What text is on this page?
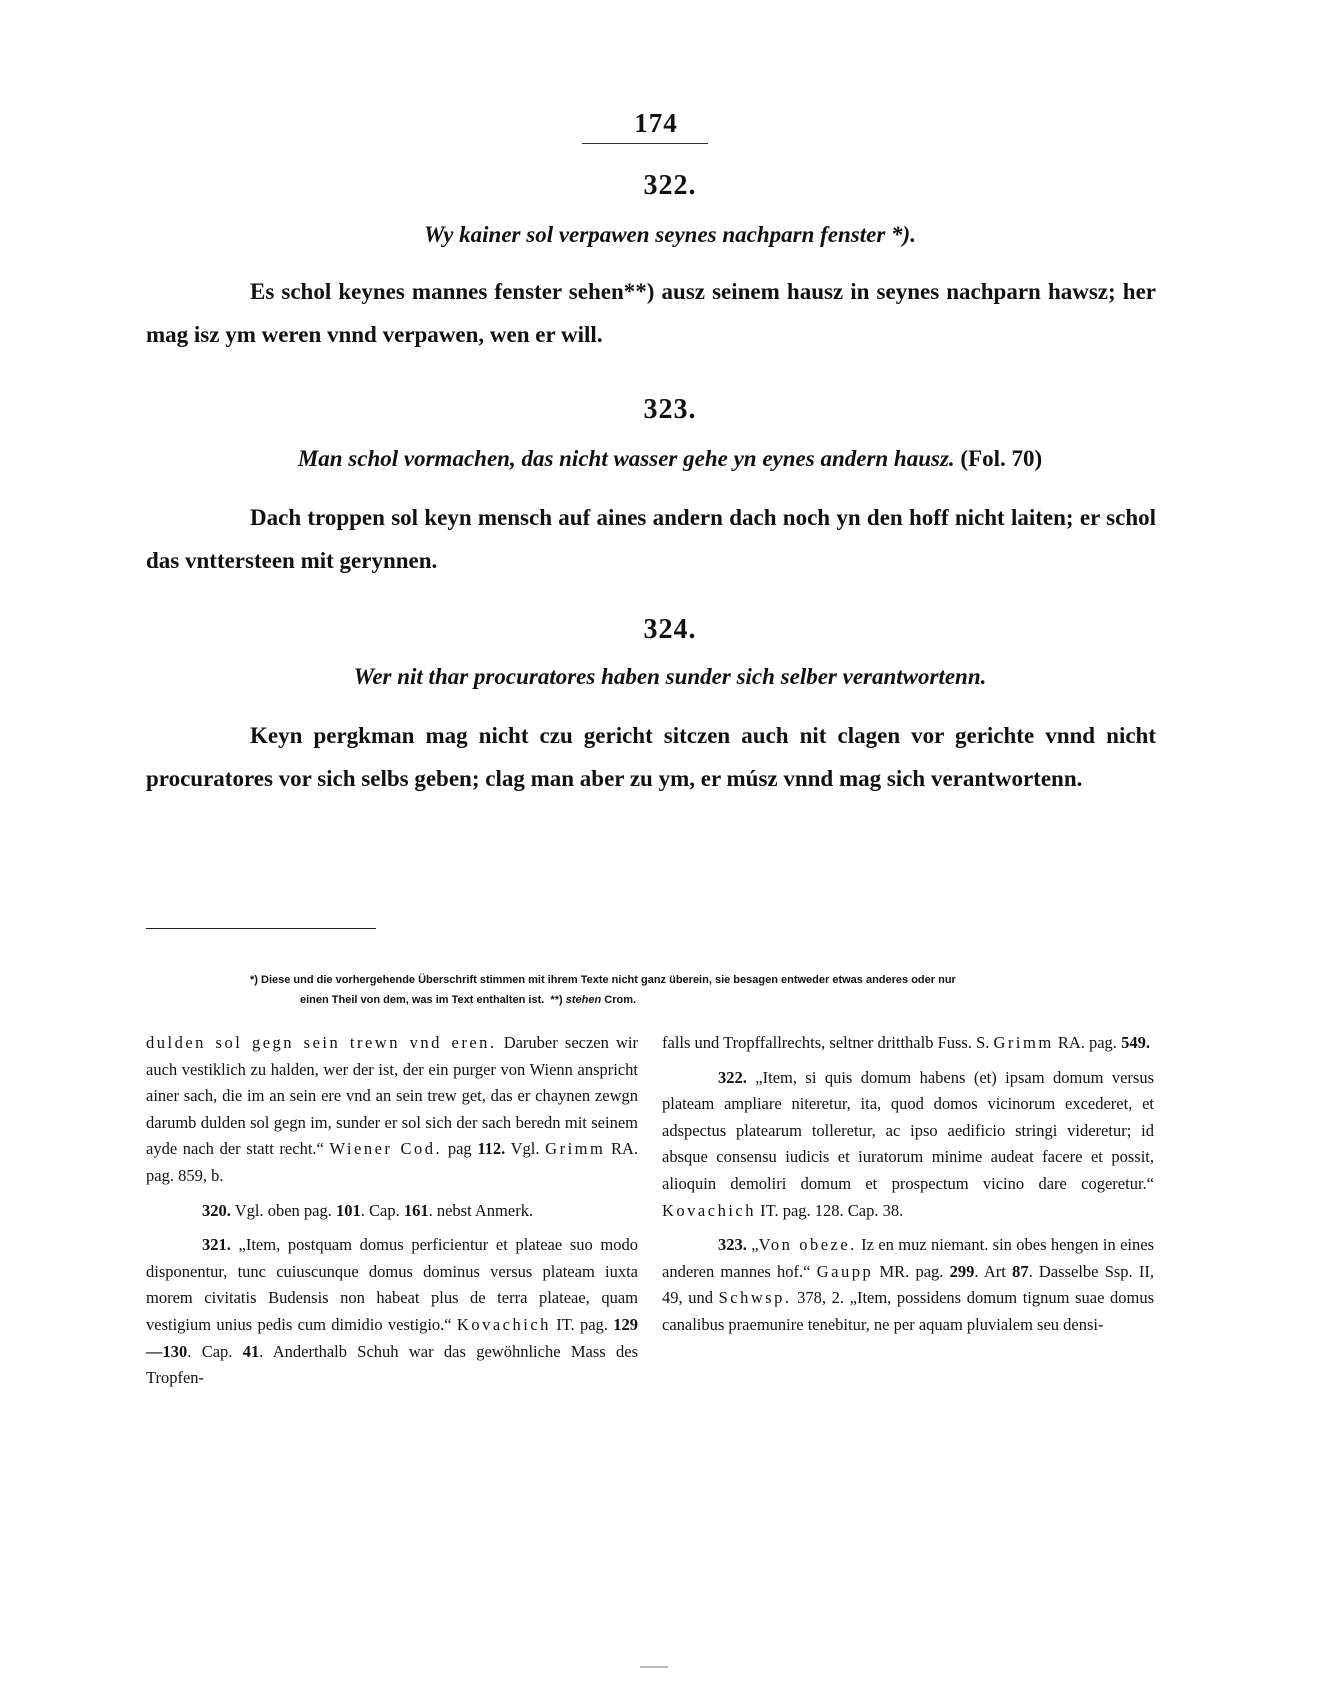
174
322.
Wy kainer sol verpawen seynes nachparn fenster *).
Es schol keynes mannes fenster sehen**) ausz seinem hausz in seynes nachparn hawsz; her mag isz ym weren vnnd verpawen, wen er will.
323.
Man schol vormachen, das nicht wasser gehe yn eynes andern hausz. (Fol. 70)
Dach troppen sol keyn mensch auf aines andern dach noch yn den hoff nicht laiten; er schol das vnttersteen mit gerynnen.
324.
Wer nit thar procuratores haben sunder sich selber verantwortenn.
Keyn pergkman mag nicht czu gericht sitczen auch nit clagen vor gerichte vnnd nicht procuratores vor sich selbs geben; clag man aber zu ym, er músz vnnd mag sich verantwortenn.
*) Diese und die vorhergehende Überschrift stimmen mit ihrem Texte nicht ganz überein, sie besagen entweder etwas anderes oder nur
einen Theil von dem, was im Text enthalten ist. **) stehen Crom.

dulden sol gegn sein trewn vnd eren. Daruber seczen wir auch vestiklich zu halden, wer der ist, der ein purger von Wienn anspricht ainer sach, die im an sein ere vnd an sein trew get, das er chaynen zewgn darumb dulden sol gegn im, sunder er sol sich der sach beredn mit seinem ayde nach der statt recht.“ Wiener Cod. pag 112. Vgl. Grimm RA. pag. 859, b.

320. Vgl. oben pag. 101. Cap. 161. nebst Anmerk.

321. „Item, postquam domus perficientur et plateae suo modo disponentur, tunc cuiuscunque domus dominus versus plateam iuxta morem civitatis Budensis non habeat plus de terra plateae, quam vestigium unius pedis cum dimidio vestigio.“ Kovachich IT. pag. 129—130. Cap. 41. Anderthalb Schuh war das gewöhnliche Mass des Tropfen-

falls und Tropffallrechts, seltner dritthalb Fuss. S. Grimm RA. pag. 549.

322. „Item, si quis domum habens (et) ipsam domum versus plateam ampliare niteretur, ita, quod domos vicinorum excederet, et adspectus platearum tolleretur, ac ipso aedificio stringi videretur; id absque consensu iudicis et iuratorum minime audeat facere et possit, alioquin demoliri domum et prospectum vicino dare cogeretur.“ Kovachich IT. pag. 128. Cap. 38.

323. „Von obeze. Iz en muz niemant. sin obes hengen in eines anderen mannes hof.“ Gaupp MR. pag. 299. Art 87. Dasselbe Ssp. II, 49, und Schwsp. 378, 2. „Item, possidens domum tignum suae domus canalibus praemunire tenebitur, ne per aquam pluvialem seu densi-
